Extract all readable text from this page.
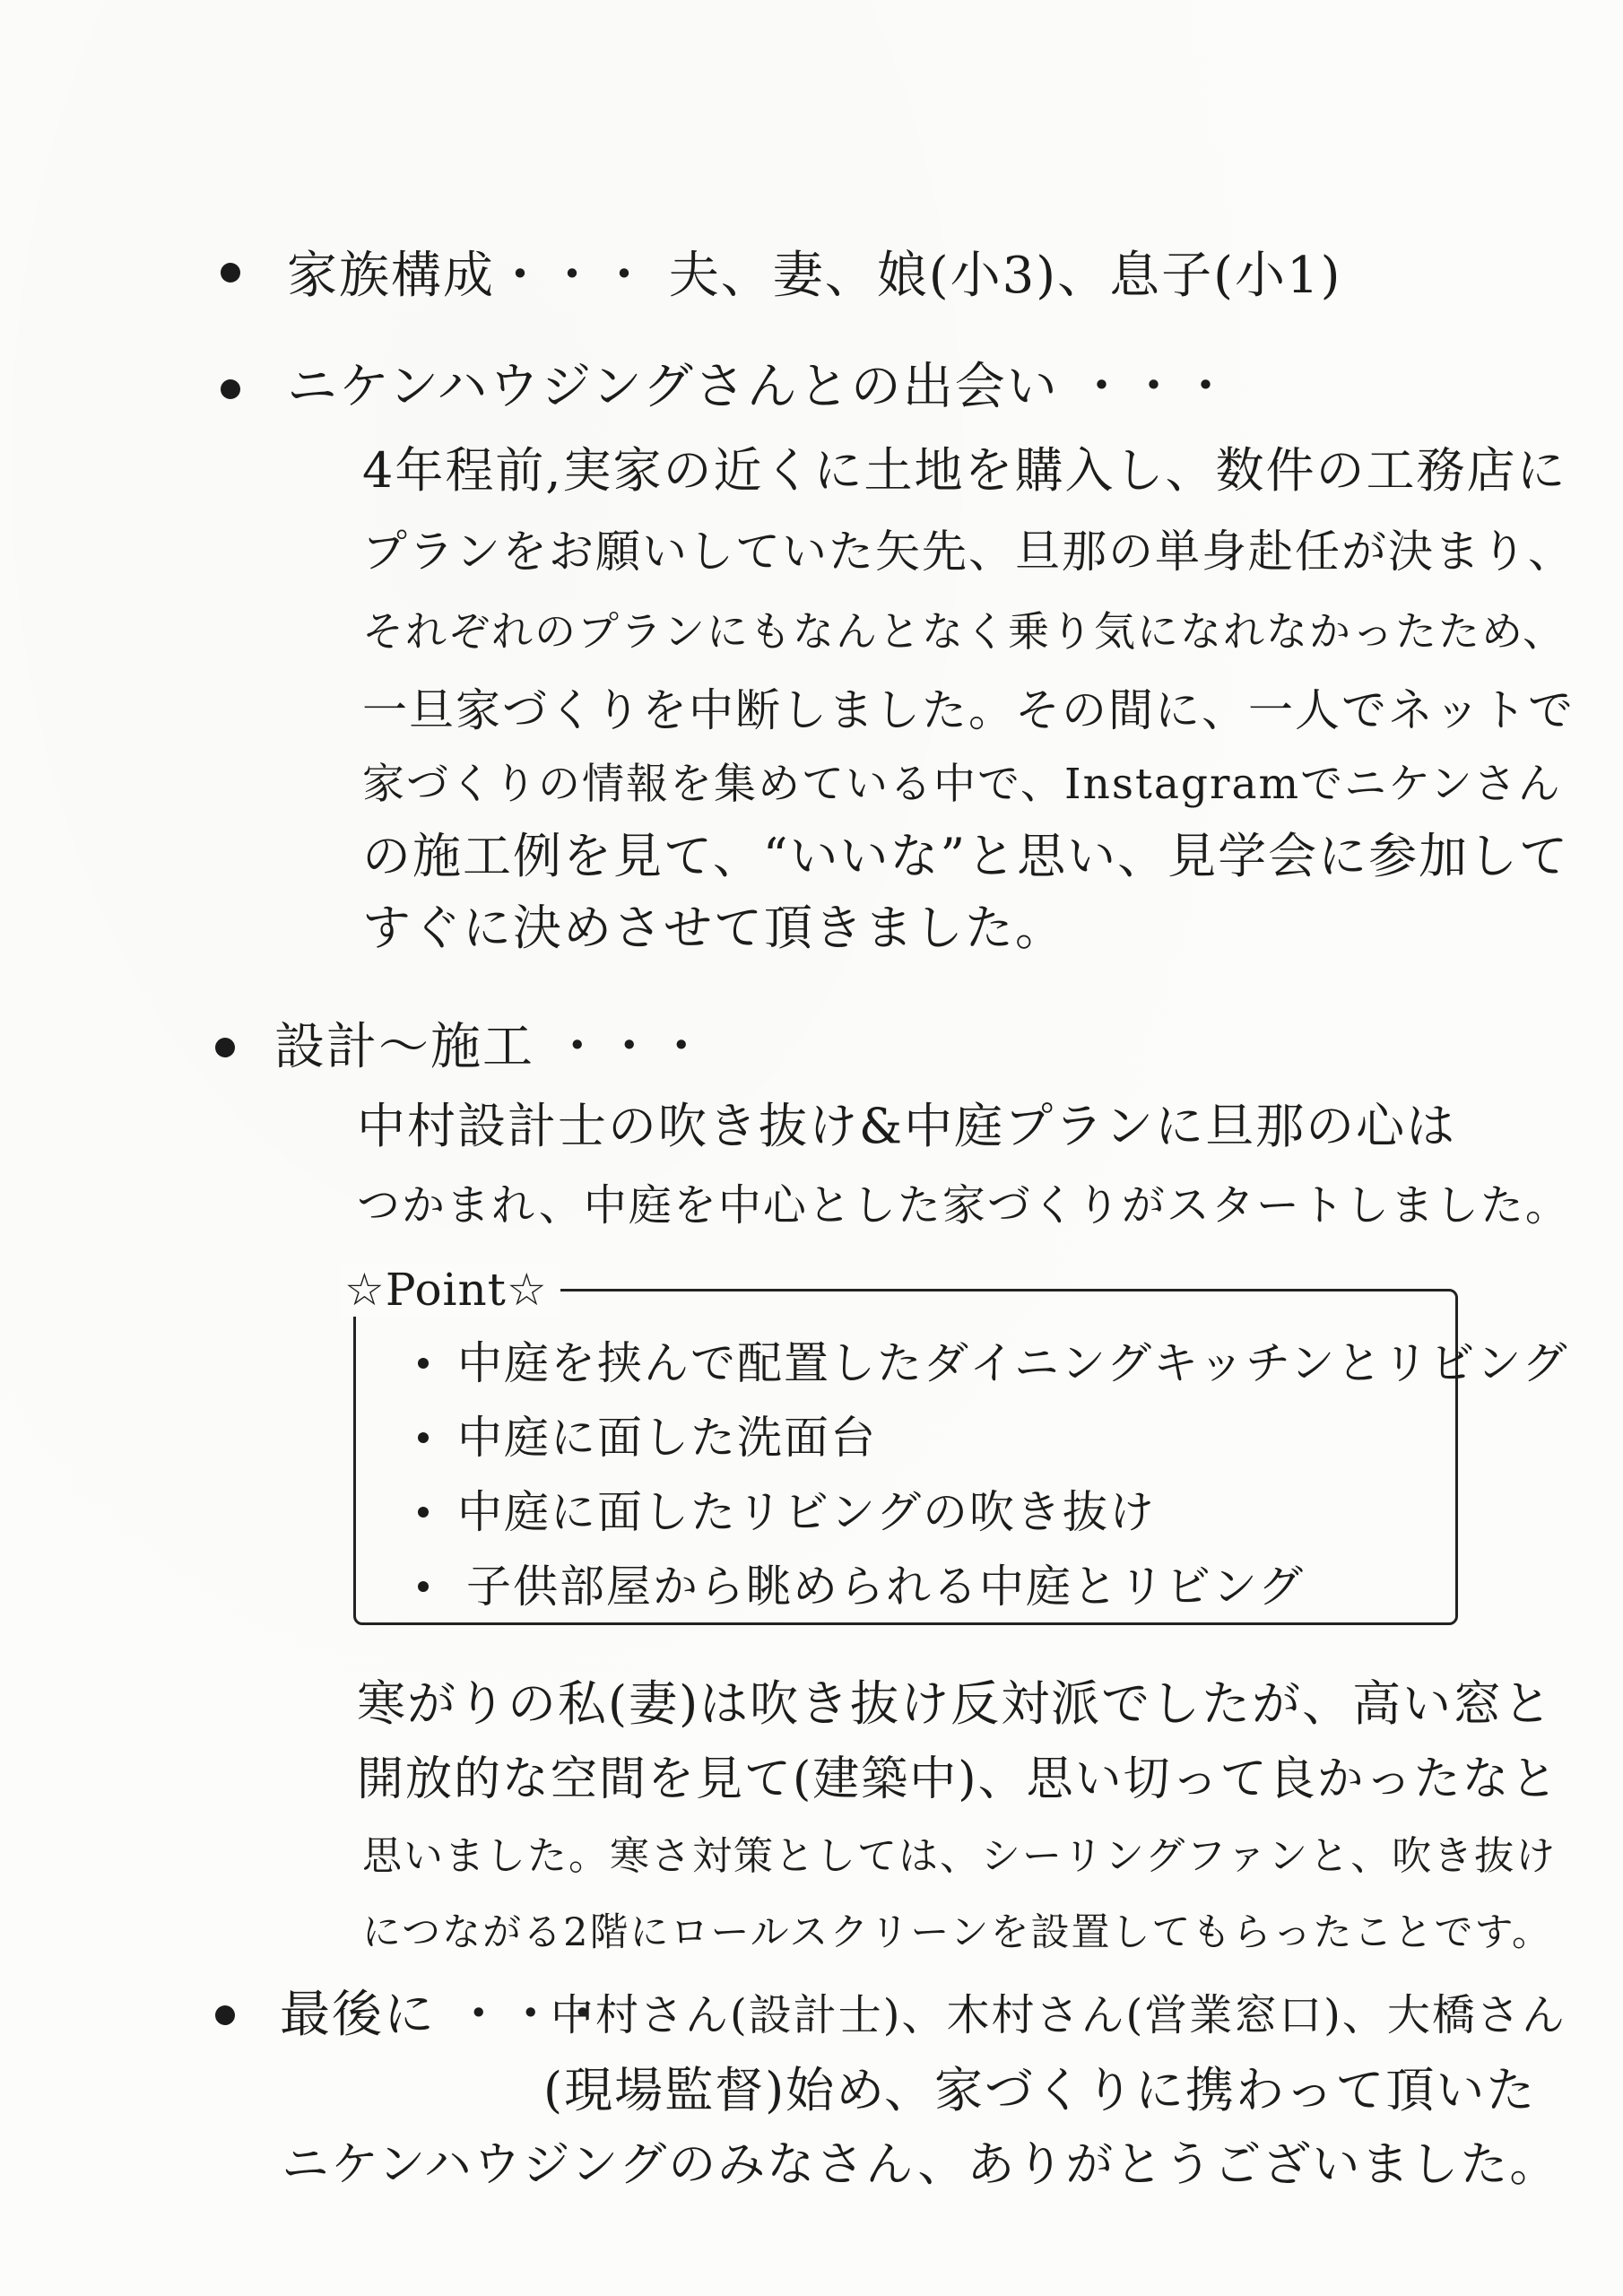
家族構成・・・ 夫、妻、娘(小3)、息子(小1)
ニケンハウジングさんとの出会い ・・・
4年程前,実家の近くに土地を購入し、数件の工務店に
プランをお願いしていた矢先、旦那の単身赴任が決まり、
それぞれのプランにもなんとなく乗り気になれなかったため、
一旦家づくりを中断しました。その間に、一人でネットで
家づくりの情報を集めている中で、Instagramでニケンさん
の施工例を見て、“いいな”と思い、見学会に参加して
すぐに決めさせて頂きました。
設計〜施工 ・・・
中村設計士の吹き抜け&中庭プランに旦那の心は
つかまれ、中庭を中心とした家づくりがスタートしました。
☆Point☆
中庭を挟んで配置したダイニングキッチンとリビング
中庭に面した洗面台
中庭に面したリビングの吹き抜け
子供部屋から眺められる中庭とリビング
寒がりの私(妻)は吹き抜け反対派でしたが、高い窓と
開放的な空間を見て(建築中)、思い切って良かったなと
思いました。寒さ対策としては、シーリングファンと、吹き抜け
につながる2階にロールスクリーンを設置してもらったことです。
最後に ・・・
中村さん(設計士)、木村さん(営業窓口)、大橋さん
(現場監督)始め、家づくりに携わって頂いた
ニケンハウジングのみなさん、ありがとうございました。
